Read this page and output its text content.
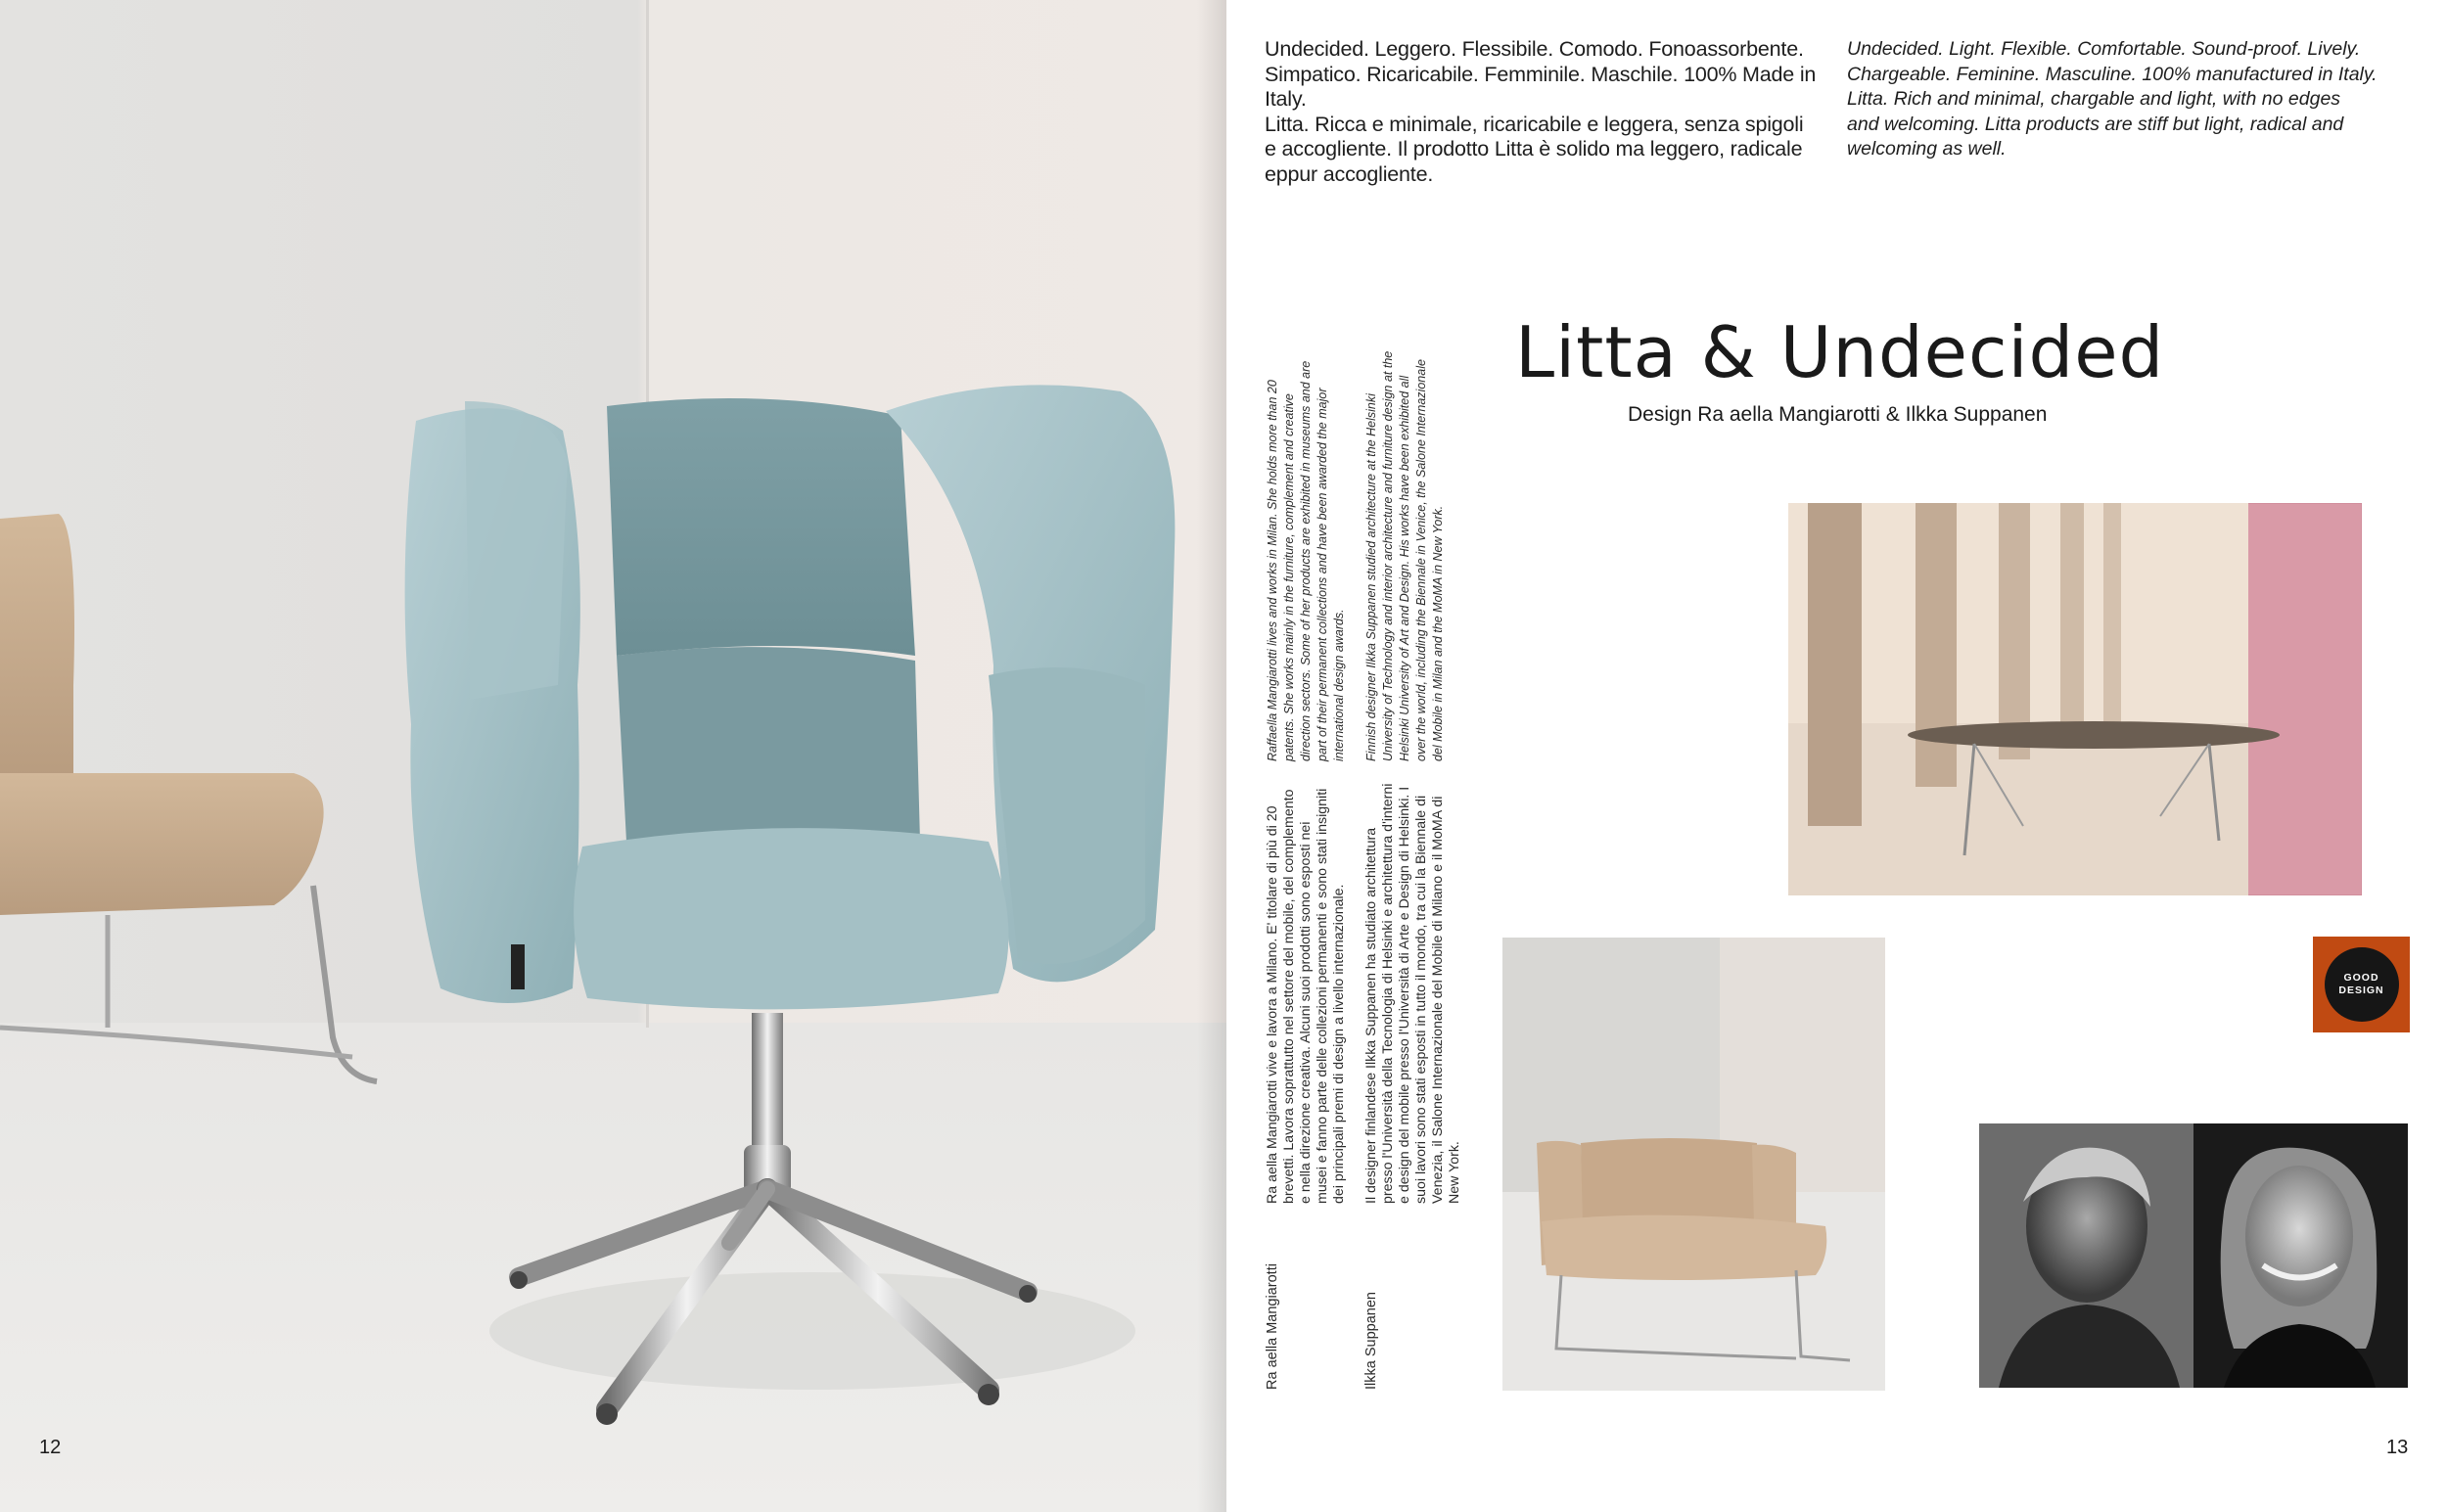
12
Undecided. Leggero. Flessibile. Comodo. Fonoassorbente.
Simpatico. Ricaricabile. Femminile. Maschile. 100% Made in Italy.
Litta. Ricca e minimale, ricaricabile e leggera, senza spigoli
e accogliente. Il prodotto Litta è solido ma leggero, radicale
eppur accogliente.
Undecided. Light. Flexible. Comfortable. Sound-proof. Lively.
Chargeable. Feminine. Masculine. 100% manufactured in Italy.
Litta. Rich and minimal, chargable and light, with no edges
and welcoming. Litta products are stiff but light, radical and
welcoming as well.
Litta & Undecided
Design Ra aella Mangiarotti & Ilkka Suppanen
Raffaella Mangiarotti lives and works in Milan. She holds more than 20 patents. She works mainly in the furniture, complement and creative direction sectors. Some of her products are exhibited in museums and are part of their permanent collections and have been awarded the major international design awards. Finnish designer Ilkka Suppanen studied architecture at the Helsinki University of Technology and interior architecture and furniture design at the Helsinki University of Art and Design. His works have been exhibited all over the world, including the Biennale in Venice, the Salone Internazionale del Mobile in Milan and the MoMA in New York.
Ra aella Mangiarotti vive e lavora a Milano. E' titolare di più di 20 brevetti. Lavora soprattutto nel settore del mobile, del complemento e nella direzione creativa. Alcuni suoi prodotti sono esposti nei musei e fanno parte delle collezioni permanenti e sono stati insigniti dei principali premi di design a livello internazionale. Il designer finlandese Ilkka Suppanen ha studiato architettura presso l'Università della Tecnologia di Helsinki e architettura d'interni e design del mobile presso l'Università di Arte e Design di Helsinki. I suoi lavori sono stati esposti in tutto il mondo, tra cui la Biennale di Venezia, il Salone Internazionale del Mobile di Milano e il MoMA di New York.
Ra aella Mangiarotti	Ilkka Suppanen
GOOD
DESIGN
13
